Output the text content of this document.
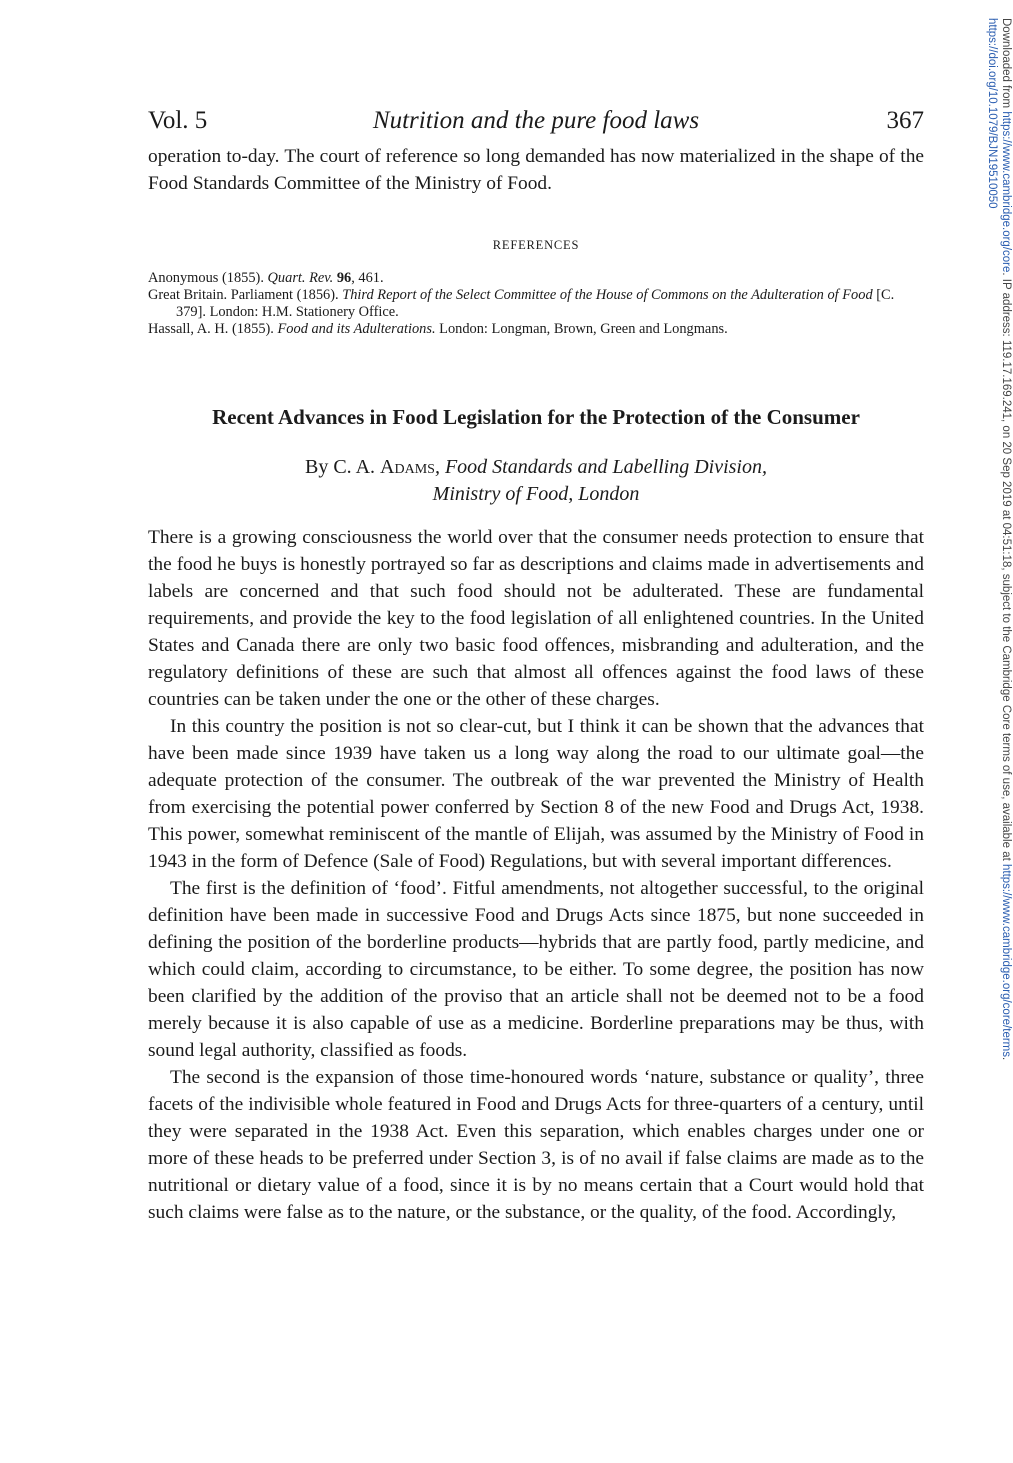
Vol. 5	Nutrition and the pure food laws	367

operation to-day. The court of reference so long demanded has now materialized in the shape of the Food Standards Committee of the Ministry of Food.

REFERENCES
Anonymous (1855). Quart. Rev. 96, 461.
Great Britain. Parliament (1856). Third Report of the Select Committee of the House of Commons on the Adulteration of Food [C. 379]. London: H.M. Stationery Office.
Hassall, A. H. (1855). Food and its Adulterations. London: Longman, Brown, Green and Longmans.
Recent Advances in Food Legislation for the Protection of the Consumer
By C. A. Adams, Food Standards and Labelling Division,
Ministry of Food, London

There is a growing consciousness the world over that the consumer needs protection to ensure that the food he buys is honestly portrayed so far as descriptions and claims made in advertisements and labels are concerned and that such food should not be adulterated. These are fundamental requirements, and provide the key to the food legislation of all enlightened countries. In the United States and Canada there are only two basic food offences, misbranding and adulteration, and the regulatory definitions of these are such that almost all offences against the food laws of these countries can be taken under the one or the other of these charges.

In this country the position is not so clear-cut, but I think it can be shown that the advances that have been made since 1939 have taken us a long way along the road to our ultimate goal—the adequate protection of the consumer. The outbreak of the war prevented the Ministry of Health from exercising the potential power conferred by Section 8 of the new Food and Drugs Act, 1938. This power, somewhat reminiscent of the mantle of Elijah, was assumed by the Ministry of Food in 1943 in the form of Defence (Sale of Food) Regulations, but with several important differences.

The first is the definition of ‘food’. Fitful amendments, not altogether successful, to the original definition have been made in successive Food and Drugs Acts since 1875, but none succeeded in defining the position of the borderline products—hybrids that are partly food, partly medicine, and which could claim, according to circumstance, to be either. To some degree, the position has now been clarified by the addition of the proviso that an article shall not be deemed not to be a food merely because it is also capable of use as a medicine. Borderline preparations may be thus, with sound legal authority, classified as foods.

The second is the expansion of those time-honoured words ‘nature, substance or quality’, three facets of the indivisible whole featured in Food and Drugs Acts for three-quarters of a century, until they were separated in the 1938 Act. Even this separation, which enables charges under one or more of these heads to be preferred under Section 3, is of no avail if false claims are made as to the nutritional or dietary value of a food, since it is by no means certain that a Court would hold that such claims were false as to the nature, or the substance, or the quality, of the food. Accordingly,

Downloaded from https://www.cambridge.org/core. IP address: 119.17.169.241, on 20 Sep 2019 at 04:51:18, subject to the Cambridge Core terms of use, available at https://www.cambridge.org/core/terms.
https://doi.org/10.1079/BJN19510050
